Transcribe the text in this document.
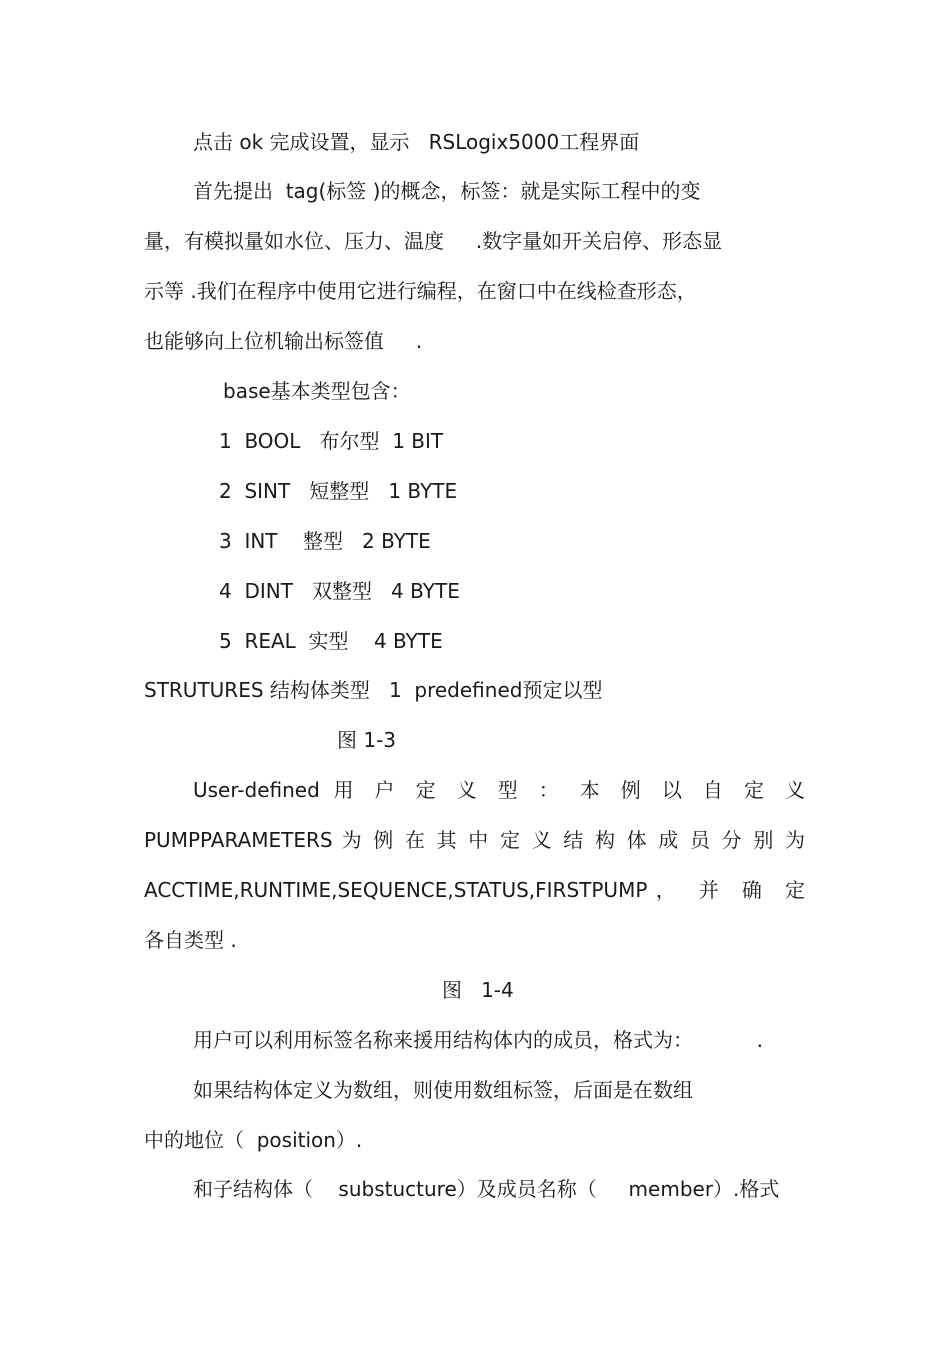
点击 ok 完成设置，显示   RSLogix5000工程界面
首先提出  tag(标签 )的概念，标签：就是实际工程中的变
量，有模拟量如水位、压力、温度     .数字量如开关启停、形态显
示等 .我们在程序中使用它进行编程，在窗口中在线检查形态，
也能够向上位机输出标签值     .
base基本类型包含：
1  BOOL   布尔型  1 BIT
2  SINT   短整型   1 BYTE
3  INT    整型   2 BYTE
4  DINT   双整型   4 BYTE
5  REAL  实型    4 BYTE
STRUTURES 结构体类型   1  predefined预定以型
图 1-3
User-defined 用 户 定 义 型 ： 本 例 以 自 定 义
PUMPPARAMETERS 为 例 在 其 中 定 义 结 构 体 成 员 分 别 为
ACCTIME,RUNTIME,SEQUENCE,STATUS,FIRSTPUMP， 并 确 定
各自类型 .
图   1-4
用户可以利用标签名称来援用结构体内的成员，格式为：          .
如果结构体定义为数组，则使用数组标签，后面是在数组
中的地位（  position）.
和子结构体（    substucture）及成员名称（     member）.格式
